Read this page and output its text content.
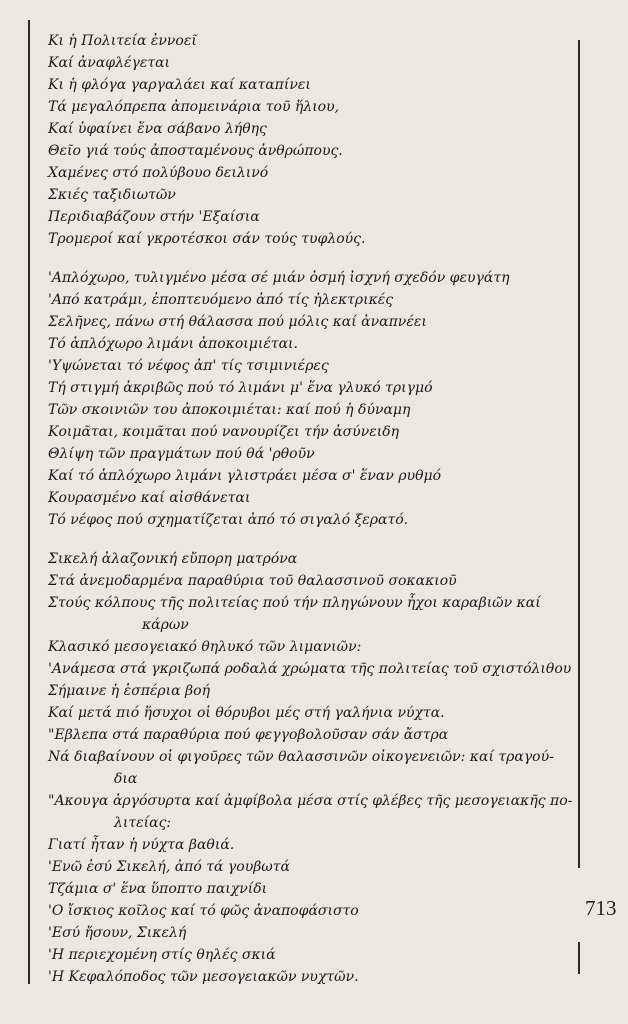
713

Κι ἡ Πολιτεία ἐννοεῖ
Καί ἀναφλέγεται
Κι ἡ φλόγα γαργαλάει καί καταπίνει
Τά μεγαλόπρεπα ἀπομεινάρια τοῦ ἥλιου,
Καί ὑφαίνει ἕνα σάβανο λήθης
Θεῖο γιά τούς ἀποσταμένους ἀνθρώπους.
Χαμένες στό πολύβουο δειλινό
Σκιές ταξιδιωτῶν
Περιδιαβάζουν στήν 'Εξαίσια
Τρομεροί καί γκροτέσκοι σάν τούς τυφλούς.

'Απλόχωρο, τυλιγμένο μέσα σέ μιάν ὀσμή ἰσχνή σχεδόν φευγάτη
'Από κατράμι, ἐποπτευόμενο ἀπό τίς ἠλεκτρικές
Σελῆνες, πάνω στή θάλασσα πού μόλις καί ἀναπνέει
Τό ἁπλόχωρο λιμάνι ἀποκοιμιέται.
'Υψώνεται τό νέφος ἀπ' τίς τσιμινιέρες
Τή στιγμή ἀκριβῶς πού τό λιμάνι μ' ἕνα γλυκό τριγμό
Τῶν σκοινιῶν του ἀποκοιμιέται: καί πού ἡ δύναμη
Κοιμᾶται, κοιμᾶται πού νανουρίζει τήν ἀσύνειδη
Θλίψη τῶν πραγμάτων πού θά 'ρθοῦν
Καί τό ἁπλόχωρο λιμάνι γλιστράει μέσα σ' ἕναν ρυθμό
Κουρασμένο καί αἰσθάνεται
Τό νέφος πού σχηματίζεται ἀπό τό σιγαλό ξερατό.

Σικελή ἀλαζονική εὔπορη ματρόνα
Στά ἀνεμοδαρμένα παραθύρια τοῦ θαλασσινοῦ σοκακιοῦ
Στούς κόλπους τῆς πολιτείας πού τήν πληγώνουν ἦχοι καραβιῶν καί
κάρων
Κλασικό μεσογειακό θηλυκό τῶν λιμανιῶν:
'Ανάμεσα στά γκριζωπά ροδαλά χρώματα τῆς πολιτείας τοῦ σχιστόλιθου
Σήμαινε ἡ ἑσπέρια βοή
Καί μετά πιό ἥσυχοι οἱ θόρυβοι μές στή γαλήνια νύχτα.
"Εβλεπα στά παραθύρια πού φεγγοβολοῦσαν σάν ἄστρα
Νά διαβαίνουν οἱ φιγοῦρες τῶν θαλασσινῶν οἰκογενειῶν: καί τραγού-
δια
"Ακουγα ἀργόσυρτα καί ἀμφίβολα μέσα στίς φλέβες τῆς μεσογειακῆς πο-
λιτείας:
Γιατί ἦταν ἡ νύχτα βαθιά.
'Ενῶ ἐσύ Σικελή, ἀπό τά γουβωτά
Τζάμια σ' ἕνα ὕποπτο παιχνίδι
'Ο ἴσκιος κοῖλος καί τό φῶς ἀναποφάσιστο
'Εσύ ἤσουν, Σικελή
'Η περιεχομένη στίς θηλές σκιά
'Η Κεφαλόποδος τῶν μεσογειακῶν νυχτῶν.
